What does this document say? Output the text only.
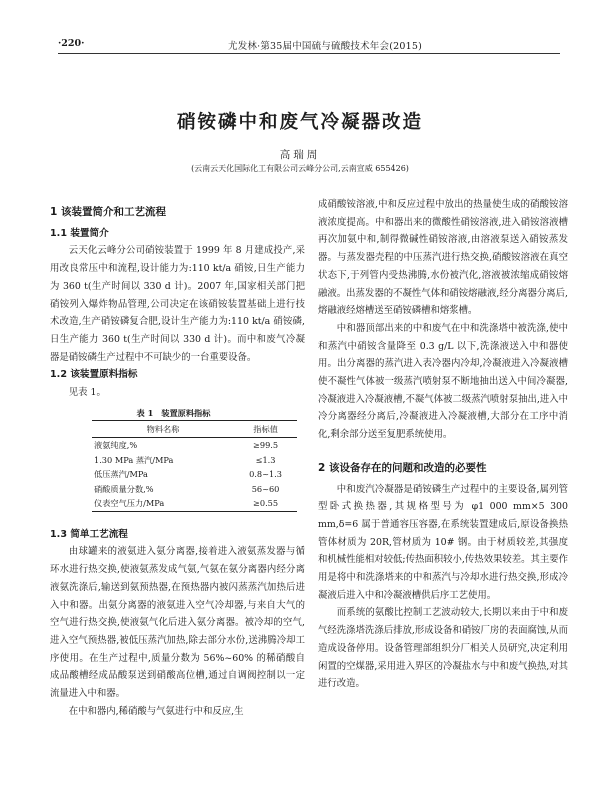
·220·	尤发林·第35届中国硫与硫酸技术年会(2015)
硝铵磷中和废气冷凝器改造
高瑞周
(云南云天化国际化工有限公司云峰分公司,云南宣威 655426)
1 该装置简介和工艺流程
1.1 装置简介

云天化云峰分公司硝铵装置于 1999 年 8 月建成投产,采用改良常压中和流程,设计能力为:110 kt/a 硝铵,日生产能力为 360 t(生产时间以 330 d 计)。2007 年,国家相关部门把硝铵列入爆炸物品管理,公司决定在该硝铵装置基础上进行技术改造,生产硝铵磷复合肥,设计生产能力为:110 kt/a 硝铵磷,日生产能力 360 t(生产时间以 330 d 计)。而中和废气冷凝器是硝铵磷生产过程中不可缺少的一台重要设备。

1.2 该装置原料指标

见表 1。

表 1 装置原料指标
物料名称	指标值
液氨纯度,%	≥99.5
1.30 MPa 蒸汽/MPa	≤1.3
低压蒸汽/MPa	0.8~1.3
硝酸质量分数,%	56~60
仪表空气压力/MPa	≥0.55
1.3 简单工艺流程

由球罐来的液氨进入氨分离器,接着进入液氨蒸发器与循环水进行热交换,使液氨蒸发成气氨,气氨在氨分离器内经分离液氨洗涤后,输送到氨预热器,在预热器内被闪蒸蒸汽加热后进入中和器。出氨分离器的液氨进入空气冷却器,与来自大气的空气进行热交换,使液氨气化后进入氨分离器。被冷却的空气,进入空气预热器,被低压蒸汽加热,除去部分水份,送沸腾冷却工序使用。在生产过程中,质量分数为 56%~60% 的稀硝酸自成品酸槽经成品酸泵送到硝酸高位槽,通过自调阀控制以一定流量进入中和器。

在中和器内,稀硝酸与气氨进行中和反应,生

成硝酸铵溶液,中和反应过程中放出的热量使生成的硝酸铵溶液浓度提高。中和器出来的微酸性硝铵溶液,进入硝铵溶液槽再次加氨中和,制得微碱性硝铵溶液,由溶液泵送入硝铵蒸发器。与蒸发器壳程的中压蒸汽进行热交换,硝酸铵溶液在真空状态下,于列管内受热沸腾,水份被汽化,溶液被浓缩成硝铵熔融液。出蒸发器的不凝性气体和硝铵熔融液,经分离器分离后,熔融液经熔槽送至硝铵磷槽和熔浆槽。

中和器顶部出来的中和废气在中和洗涤塔中被洗涤,使中和蒸汽中硝铵含量降至 0.3 g/L 以下,洗涤液送入中和器使用。出分离器的蒸汽进入表冷器内冷却,冷凝液进入冷凝液槽使不凝性气体被一级蒸汽喷射泵不断地抽出送入中间冷凝器,冷凝液进入冷凝液槽,不凝气体被二级蒸汽喷射泵抽出,进入中冷分离器经分离后,冷凝液进入冷凝液槽,大部分在工序中消化,剩余部分送至复肥系统使用。

2 该设备存在的问题和改造的必要性

中和废汽冷凝器是硝铵磷生产过程中的主要设备,属列管型卧式换热器,其规格型号为 φ1 000 mm×5 300 mm,δ=6 属于普通容压容器,在系统装置建成后,原设备换热管体材质为 20R,管材质为 10# 钢。由于材质较差,其强度和机械性能相对较低;传热面积较小,传热效果较差。其主要作用是将中和洗涤塔来的中和蒸汽与冷却水进行热交换,形成冷凝液后进入中和冷凝液槽供后序工艺使用。

而系统的氨酸比控制工艺波动较大,长期以来由于中和废气经洗涤塔洗涤后排放,形成设备和硝铵厂房的表面腐蚀,从而造成设备停用。设备管理部组织分厂相关人员研究,决定利用闲置的空煤器,采用进入界区的冷凝盐水与中和废气换热,对其进行改造。
